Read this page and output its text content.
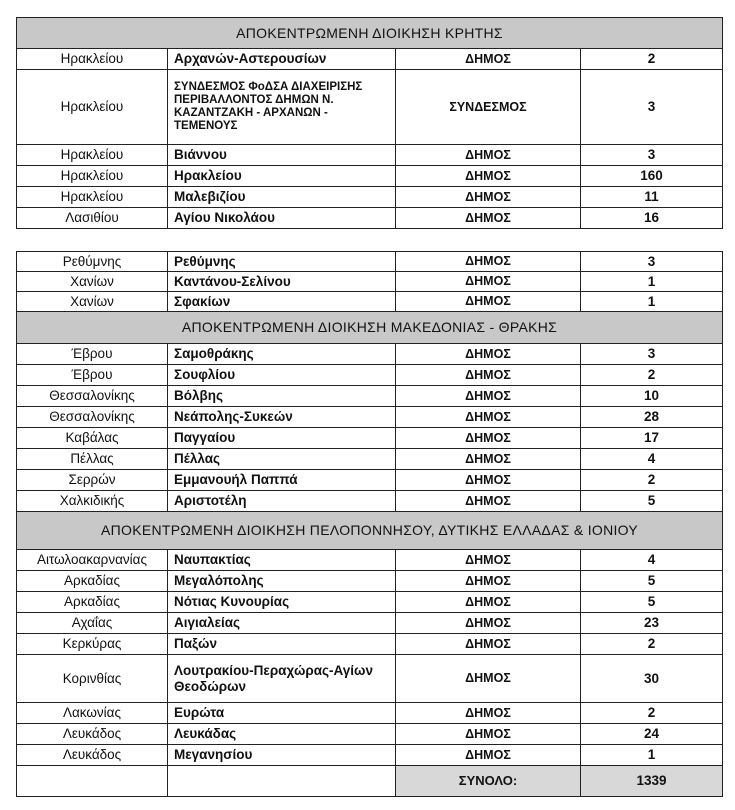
ΑΠΟΚΕΝΤΡΩΜΕΝΗ ΔΙΟΙΚΗΣΗ ΚΡΗΤΗΣ			
Ηρακλείου	Αρχανών-Αστερουσίων	ΔΗΜΟΣ	2
Ηρακλείου	ΣΥΝΔΕΣΜΟΣ ΦοΔΣΑ ΔΙΑΧΕΙΡΙΣΗΣ ΠΕΡΙΒΑΛΛΟΝΤΟΣ ΔΗΜΩΝ Ν. ΚΑΖΑΝΤΖΑΚΗ - ΑΡΧΑΝΩΝ - ΤΕΜΕΝΟΥΣ	ΣΥΝΔΕΣΜΟΣ	3
Ηρακλείου	Βιάννου	ΔΗΜΟΣ	3
Ηρακλείου	Ηρακλείου	ΔΗΜΟΣ	160
Ηρακλείου	Μαλεβιζίου	ΔΗΜΟΣ	11
Λασιθίου	Αγίου Νικολάου	ΔΗΜΟΣ	16
Ρεθύμνης	Ρεθύμνης	ΔΗΜΟΣ	3
Χανίων	Καντάνου-Σελίνου	ΔΗΜΟΣ	1
Χανίων	Σφακίων	ΔΗΜΟΣ	1
ΑΠΟΚΕΝΤΡΩΜΕΝΗ ΔΙΟΙΚΗΣΗ ΜΑΚΕΔΟΝΙΑΣ - ΘΡΑΚΗΣ			
Έβρου	Σαμοθράκης	ΔΗΜΟΣ	3
Έβρου	Σουφλίου	ΔΗΜΟΣ	2
Θεσσαλονίκης	Βόλβης	ΔΗΜΟΣ	10
Θεσσαλονίκης	Νεάπολης-Συκεών	ΔΗΜΟΣ	28
Καβάλας	Παγγαίου	ΔΗΜΟΣ	17
Πέλλας	Πέλλας	ΔΗΜΟΣ	4
Σερρών	Εμμανουήλ Παππά	ΔΗΜΟΣ	2
Χαλκιδικής	Αριστοτέλη	ΔΗΜΟΣ	5
ΑΠΟΚΕΝΤΡΩΜΕΝΗ ΔΙΟΙΚΗΣΗ ΠΕΛΟΠΟΝΝΗΣΟΥ, ΔΥΤΙΚΗΣ ΕΛΛΑΔΑΣ & ΙΟΝΙΟΥ			
Αιτωλοακαρνανίας	Ναυπακτίας	ΔΗΜΟΣ	4
Αρκαδίας	Μεγαλόπολης	ΔΗΜΟΣ	5
Αρκαδίας	Νότιας Κυνουρίας	ΔΗΜΟΣ	5
Αχαΐας	Αιγιαλείας	ΔΗΜΟΣ	23
Κερκύρας	Παξών	ΔΗΜΟΣ	2
Κορινθίας	Λουτρακίου-Περαχώρας-Αγίων Θεοδώρων	ΔΗΜΟΣ	30
Λακωνίας	Ευρώτα	ΔΗΜΟΣ	2
Λευκάδος	Λευκάδας	ΔΗΜΟΣ	24
Λευκάδος	Μεγανησίου	ΔΗΜΟΣ	1
		ΣΥΝΟΛΟ:	1339
